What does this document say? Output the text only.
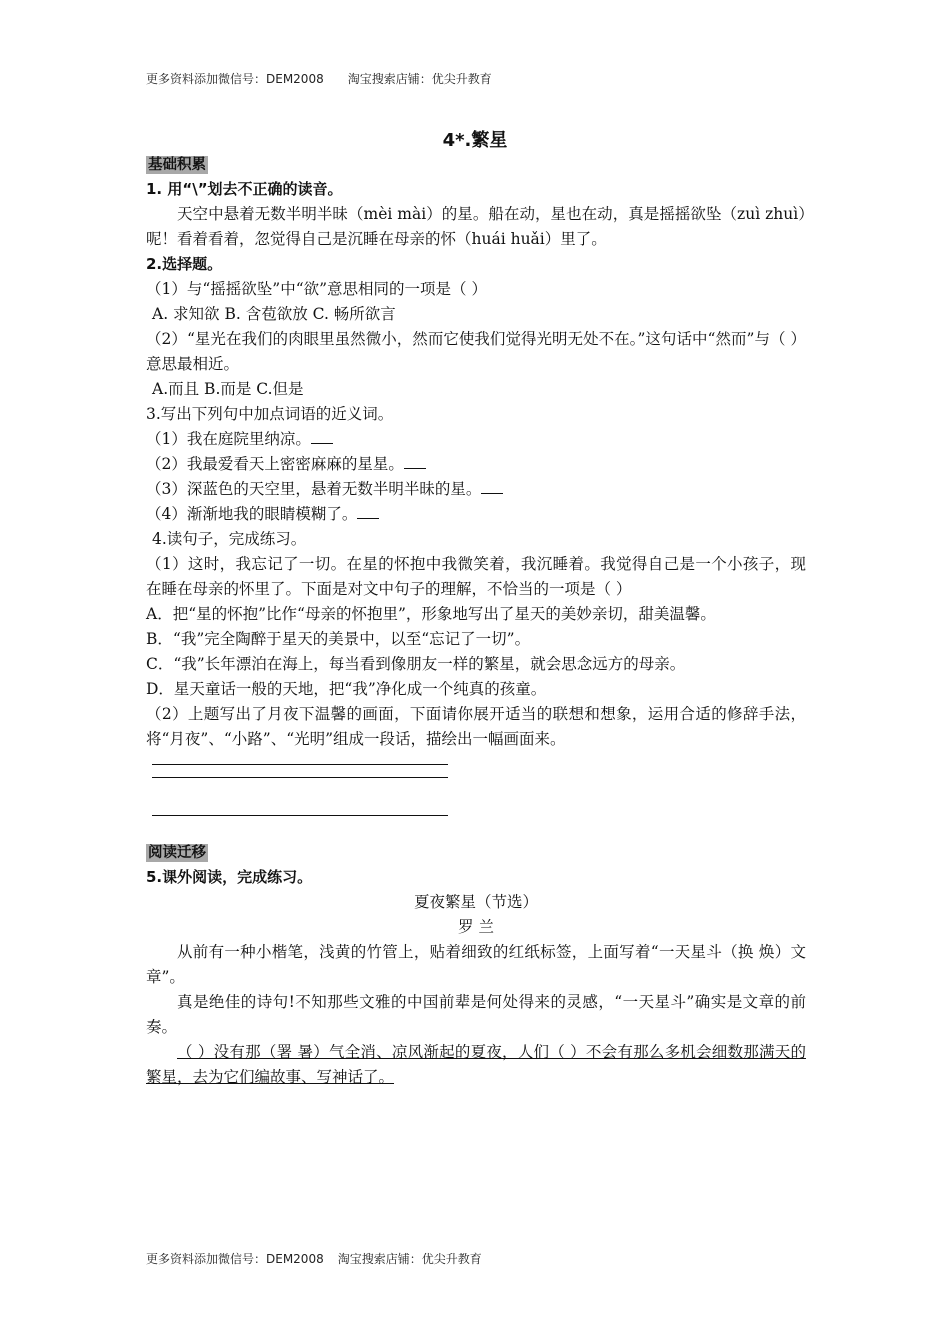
更多资料添加微信号：DEM2008 淘宝搜索店铺：优尖升教育
4*.繁星
基础积累

1. 用“\”划去不正确的读音。

天空中悬着无数半明半昧（mèi mài）的星。船在动，星也在动，真是摇摇欲坠（zuì zhuì）呢！看着看着，忽觉得自己是沉睡在母亲的怀（huái huǎi）里了。

2.选择题。

（1）与“摇摇欲坠”中“欲”意思相同的一项是（ ）

A. 求知欲 B. 含苞欲放 C. 畅所欲言

（2）“星光在我们的肉眼里虽然微小，然而它使我们觉得光明无处不在。”这句话中“然而”与（ ）意思最相近。

A.而且 B.而是 C.但是

3.写出下列句中加点词语的近义词。

（1）我在庭院里纳凉。

（2）我最爱看天上密密麻麻的星星。

（3）深蓝色的天空里，悬着无数半明半昧的星。

（4）渐渐地我的眼睛模糊了。

4.读句子，完成练习。

（1）这时，我忘记了一切。在星的怀抱中我微笑着，我沉睡着。我觉得自己是一个小孩子，现在睡在母亲的怀里了。下面是对文中句子的理解，不恰当的一项是（ ）

A．把“星的怀抱”比作“母亲的怀抱里”，形象地写出了星天的美妙亲切，甜美温馨。

B．“我”完全陶醉于星天的美景中，以至“忘记了一切”。

C．“我”长年漂泊在海上，每当看到像朋友一样的繁星，就会思念远方的母亲。

D．星天童话一般的天地，把“我”净化成一个纯真的孩童。

（2）上题写出了月夜下温馨的画面，下面请你展开适当的联想和想象，运用合适的修辞手法，将“月夜”、“小路”、“光明”组成一段话，描绘出一幅画面来。

阅读迁移

5.课外阅读，完成练习。

夏夜繁星（节选）

罗 兰

从前有一种小楷笔，浅黄的竹管上，贴着细致的红纸标签，上面写着“一天星斗（换 焕）文章”。

真是绝佳的诗句!不知那些文雅的中国前辈是何处得来的灵感，“一天星斗”确实是文章的前奏。

（ ）没有那（署 暑）气全消、凉风渐起的夏夜，人们（ ）不会有那么多机会细数那满天的繁星，去为它们编故事、写神话了。

更多资料添加微信号：DEM2008 淘宝搜索店铺：优尖升教育
